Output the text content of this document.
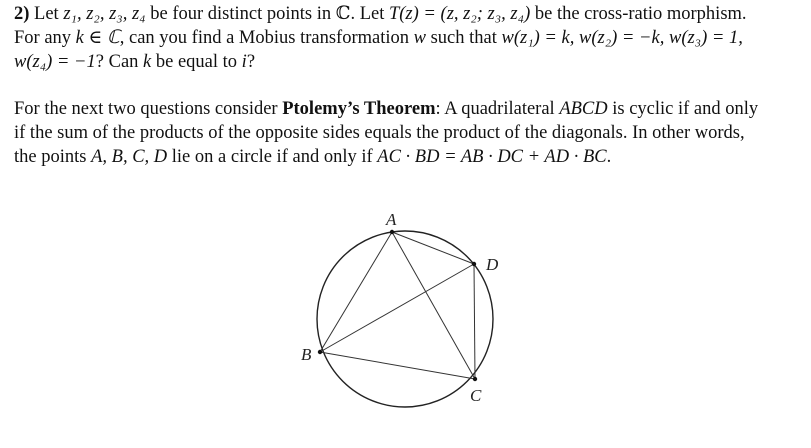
2) Let z₁, z₂, z₃, z₄ be four distinct points in ℂ. Let T(z) = (z, z₂; z₃, z₄) be the cross-ratio morphism.
For any k ∈ ℂ, can you find a Mobius transformation w such that w(z₁) = k, w(z₂) = −k, w(z₃) = 1,
w(z₄) = −1? Can k be equal to i?
For the next two questions consider Ptolemy’s Theorem: A quadrilateral ABCD is cyclic if and only
if the sum of the products of the opposite sides equals the product of the diagonals. In other words,
the points A, B, C, D lie on a circle if and only if AC · BD = AB · DC + AD · BC.
A
B
C
D
